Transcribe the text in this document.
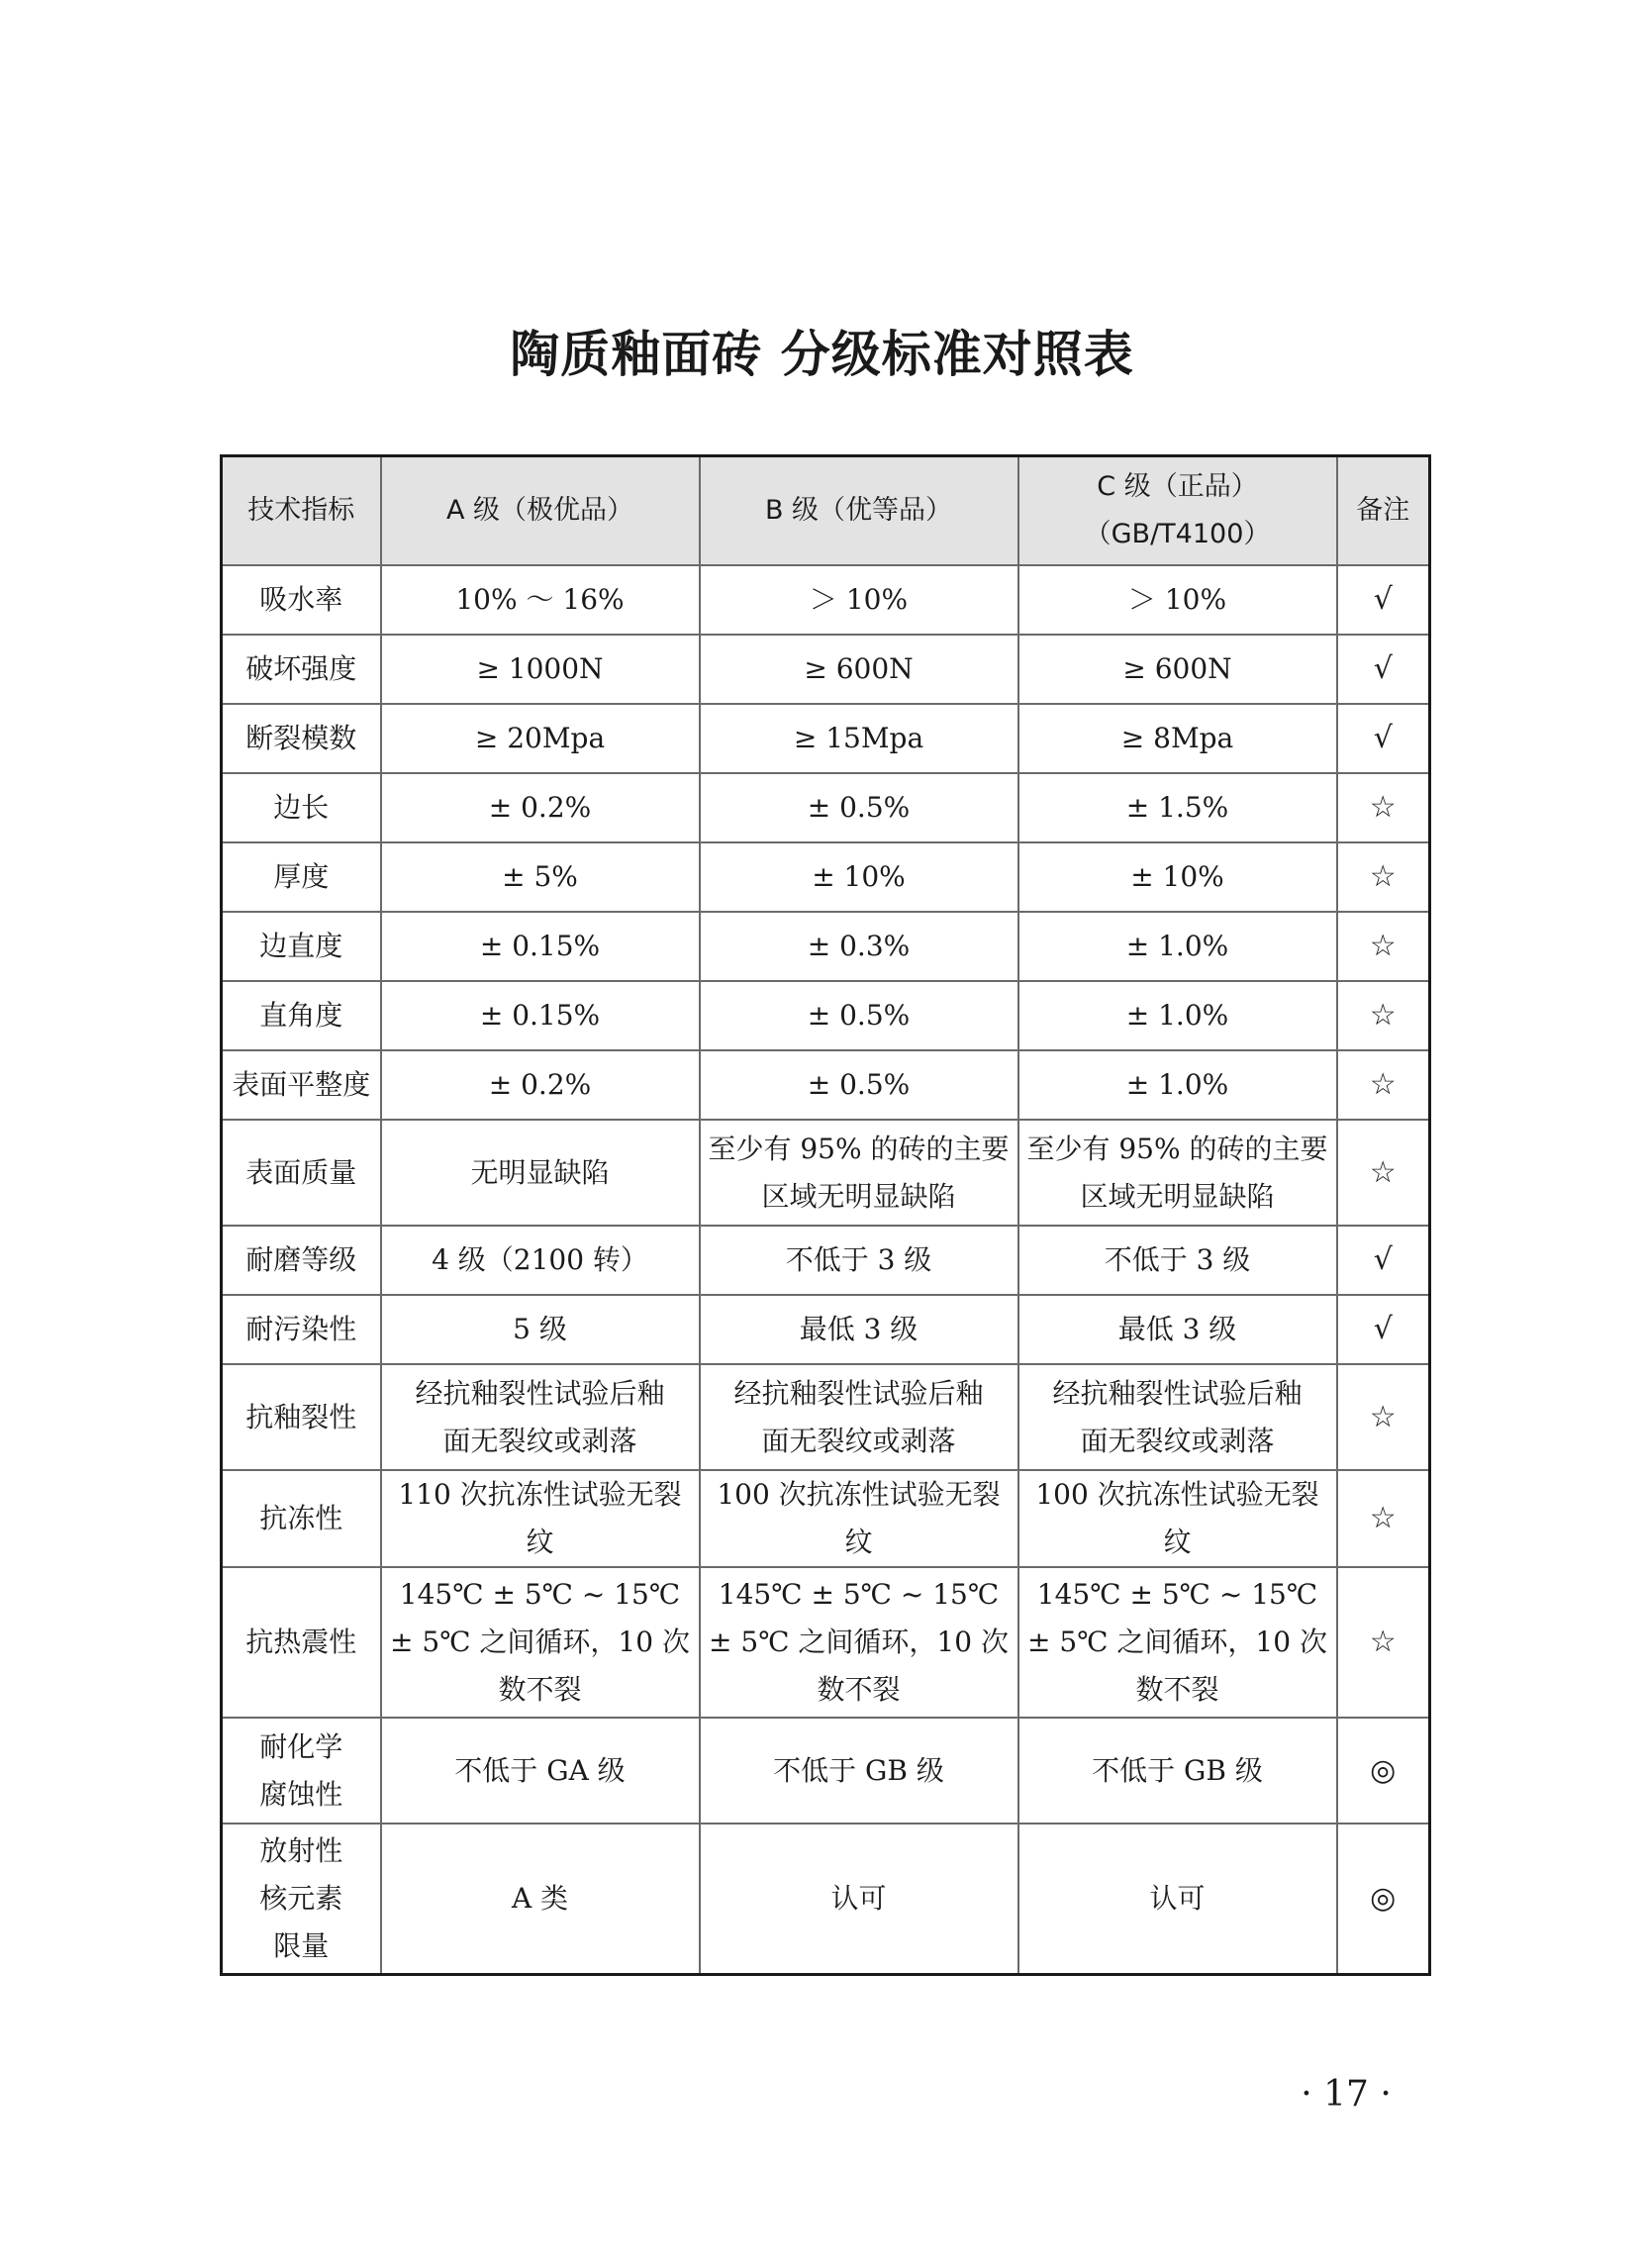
陶质釉面砖 分级标准对照表
技术指标	A 级（极优品）	B 级（优等品）	C 级（正品）
（GB/T4100）	备注

吸水率	10% ～ 16%	＞ 10%	＞ 10%	√

破坏强度	≥ 1000N	≥ 600N	≥ 600N	√

断裂模数	≥ 20Mpa	≥ 15Mpa	≥ 8Mpa	√

边长	± 0.2%	± 0.5%	± 1.5%	☆

厚度	± 5%	± 10%	± 10%	☆

边直度	± 0.15%	± 0.3%	± 1.0%	☆

直角度	± 0.15%	± 0.5%	± 1.0%	☆

表面平整度	± 0.2%	± 0.5%	± 1.0%	☆

表面质量	无明显缺陷	至少有 95% 的砖的主要
区域无明显缺陷	至少有 95% 的砖的主要
区域无明显缺陷	☆

耐磨等级	4 级（2100 转）	不低于 3 级	不低于 3 级	√

耐污染性	5 级	最低 3 级	最低 3 级	√

抗釉裂性	经抗釉裂性试验后釉
面无裂纹或剥落	经抗釉裂性试验后釉
面无裂纹或剥落	经抗釉裂性试验后釉
面无裂纹或剥落	☆

抗冻性	110 次抗冻性试验无裂纹	100 次抗冻性试验无裂纹	100 次抗冻性试验无裂纹	☆

抗热震性	145℃ ± 5℃ ~ 15℃
± 5℃ 之间循环，10 次
数不裂	145℃ ± 5℃ ~ 15℃
± 5℃ 之间循环，10 次
数不裂	145℃ ± 5℃ ~ 15℃
± 5℃ 之间循环，10 次
数不裂	☆

耐化学
腐蚀性	不低于 GA 级	不低于 GB 级	不低于 GB 级	◎

放射性
核元素
限量	A 类	认可	认可	◎
· 17 ·
